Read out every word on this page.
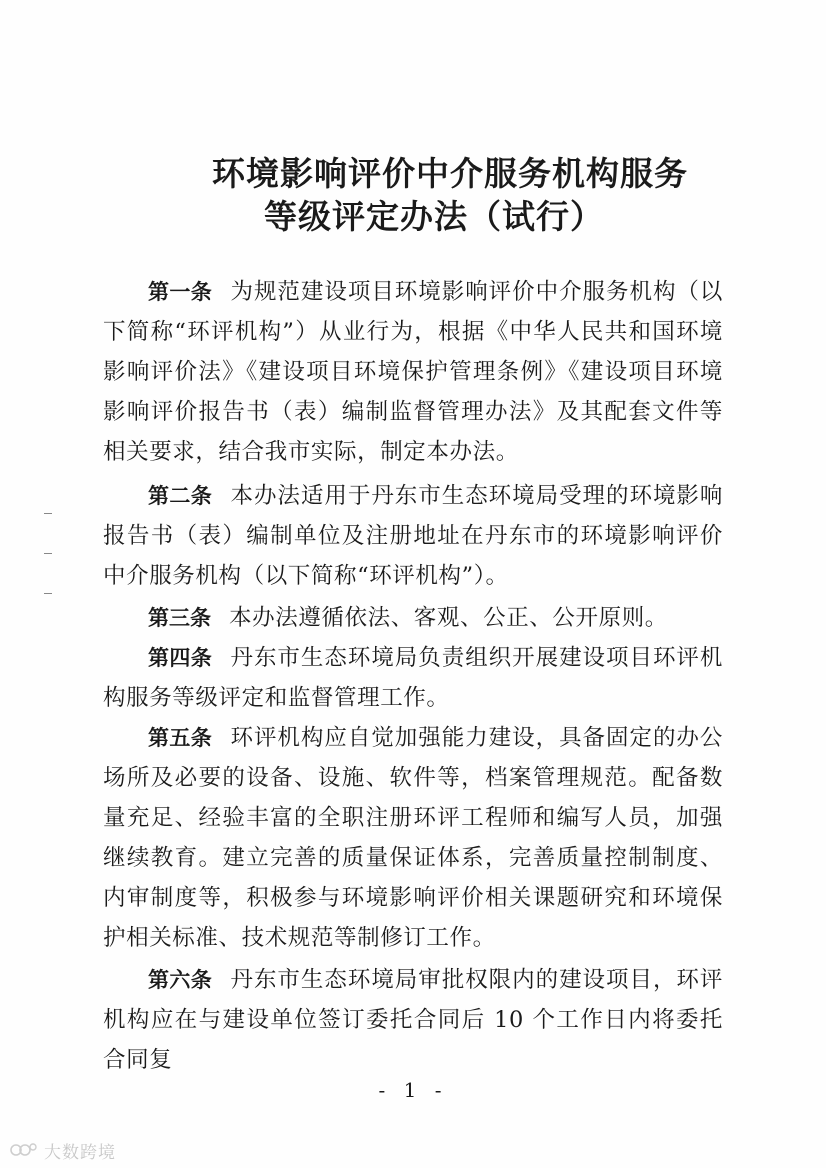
环境影响评价中介服务机构服务
等级评定办法（试行）
第一条 为规范建设项目环境影响评价中介服务机构（以下简称“环评机构”）从业行为，根据《中华人民共和国环境影响评价法》《建设项目环境保护管理条例》《建设项目环境影响评价报告书（表）编制监督管理办法》及其配套文件等相关要求，结合我市实际，制定本办法。
第二条 本办法适用于丹东市生态环境局受理的环境影响报告书（表）编制单位及注册地址在丹东市的环境影响评价中介服务机构（以下简称“环评机构”）。
第三条 本办法遵循依法、客观、公正、公开原则。
第四条 丹东市生态环境局负责组织开展建设项目环评机构服务等级评定和监督管理工作。
第五条 环评机构应自觉加强能力建设，具备固定的办公场所及必要的设备、设施、软件等，档案管理规范。配备数量充足、经验丰富的全职注册环评工程师和编写人员，加强继续教育。建立完善的质量保证体系，完善质量控制制度、内审制度等，积极参与环境影响评价相关课题研究和环境保护相关标准、技术规范等制修订工作。
第六条 丹东市生态环境局审批权限内的建设项目，环评机构应在与建设单位签订委托合同后 10 个工作日内将委托合同复
- 1 -
大数跨境
